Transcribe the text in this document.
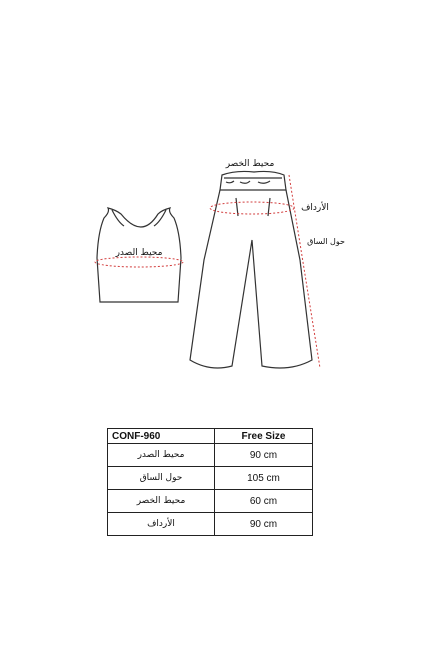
محيط الصدر
محيط الخصر
الأرداف
حول الساق
CONF-960	Free Size
محيط الصدر	90 cm
حول الساق	105 cm
محيط الخصر	60 cm
الأرداف	90 cm
